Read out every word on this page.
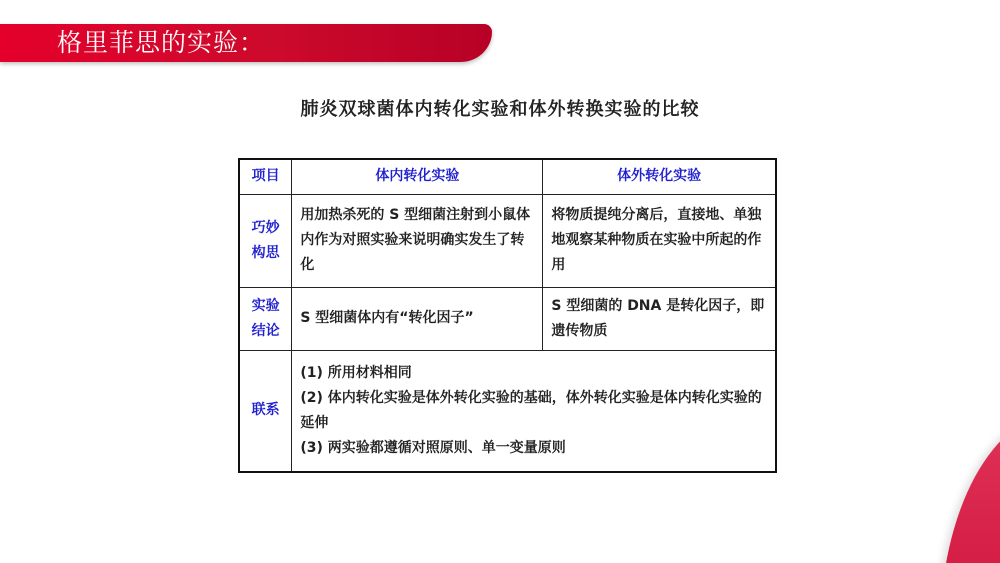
格里菲思的实验：
肺炎双球菌体内转化实验和体外转换实验的比较
项目	体内转化实验	体外转化实验

巧妙
构思	用加热杀死的 S 型细菌注射到小鼠体内作为对照实验来说明确实发生了转化	将物质提纯分离后，直接地、单独地观察某种物质在实验中所起的作用

实验
结论	S 型细菌体内有“转化因子”	S 型细菌的 DNA 是转化因子，即遗传物质
联系	(1) 所用材料相同
(2) 体内转化实验是体外转化实验的基础，体外转化实验是体内转化实验的延伸
(3) 两实验都遵循对照原则、单一变量原则	
